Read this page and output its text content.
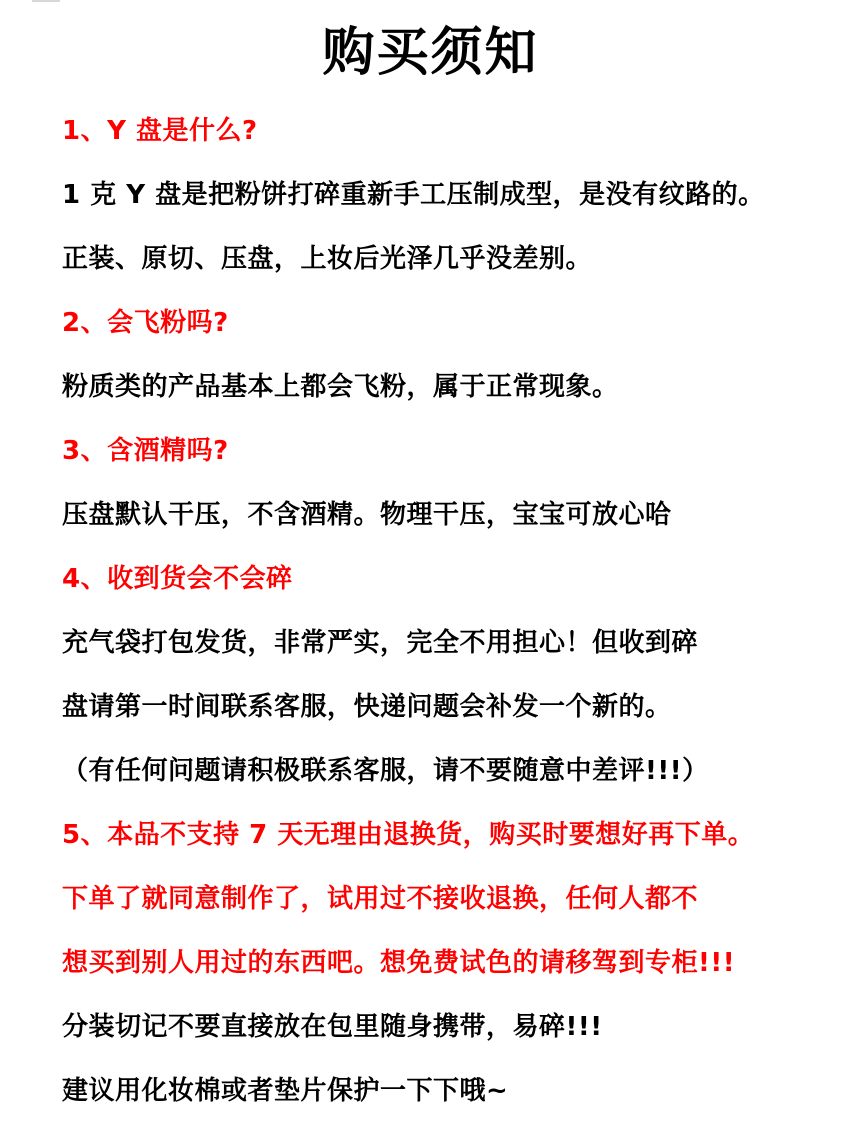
购买须知
1、Y 盘是什么?
1 克 Y 盘是把粉饼打碎重新手工压制成型，是没有纹路的。
正装、原切、压盘，上妆后光泽几乎没差别。
2、会飞粉吗?
粉质类的产品基本上都会飞粉，属于正常现象。
3、含酒精吗?
压盘默认干压，不含酒精。物理干压，宝宝可放心哈
4、收到货会不会碎
充气袋打包发货，非常严实，完全不用担心！但收到碎
盘请第一时间联系客服，快递问题会补发一个新的。
（有任何问题请积极联系客服，请不要随意中差评!!!）
5、本品不支持 7 天无理由退换货，购买时要想好再下单。
下单了就同意制作了，试用过不接收退换，任何人都不
想买到别人用过的东西吧。想免费试色的请移驾到专柜!!!
分装切记不要直接放在包里随身携带，易碎!!!
建议用化妆棉或者垫片保护一下下哦~
